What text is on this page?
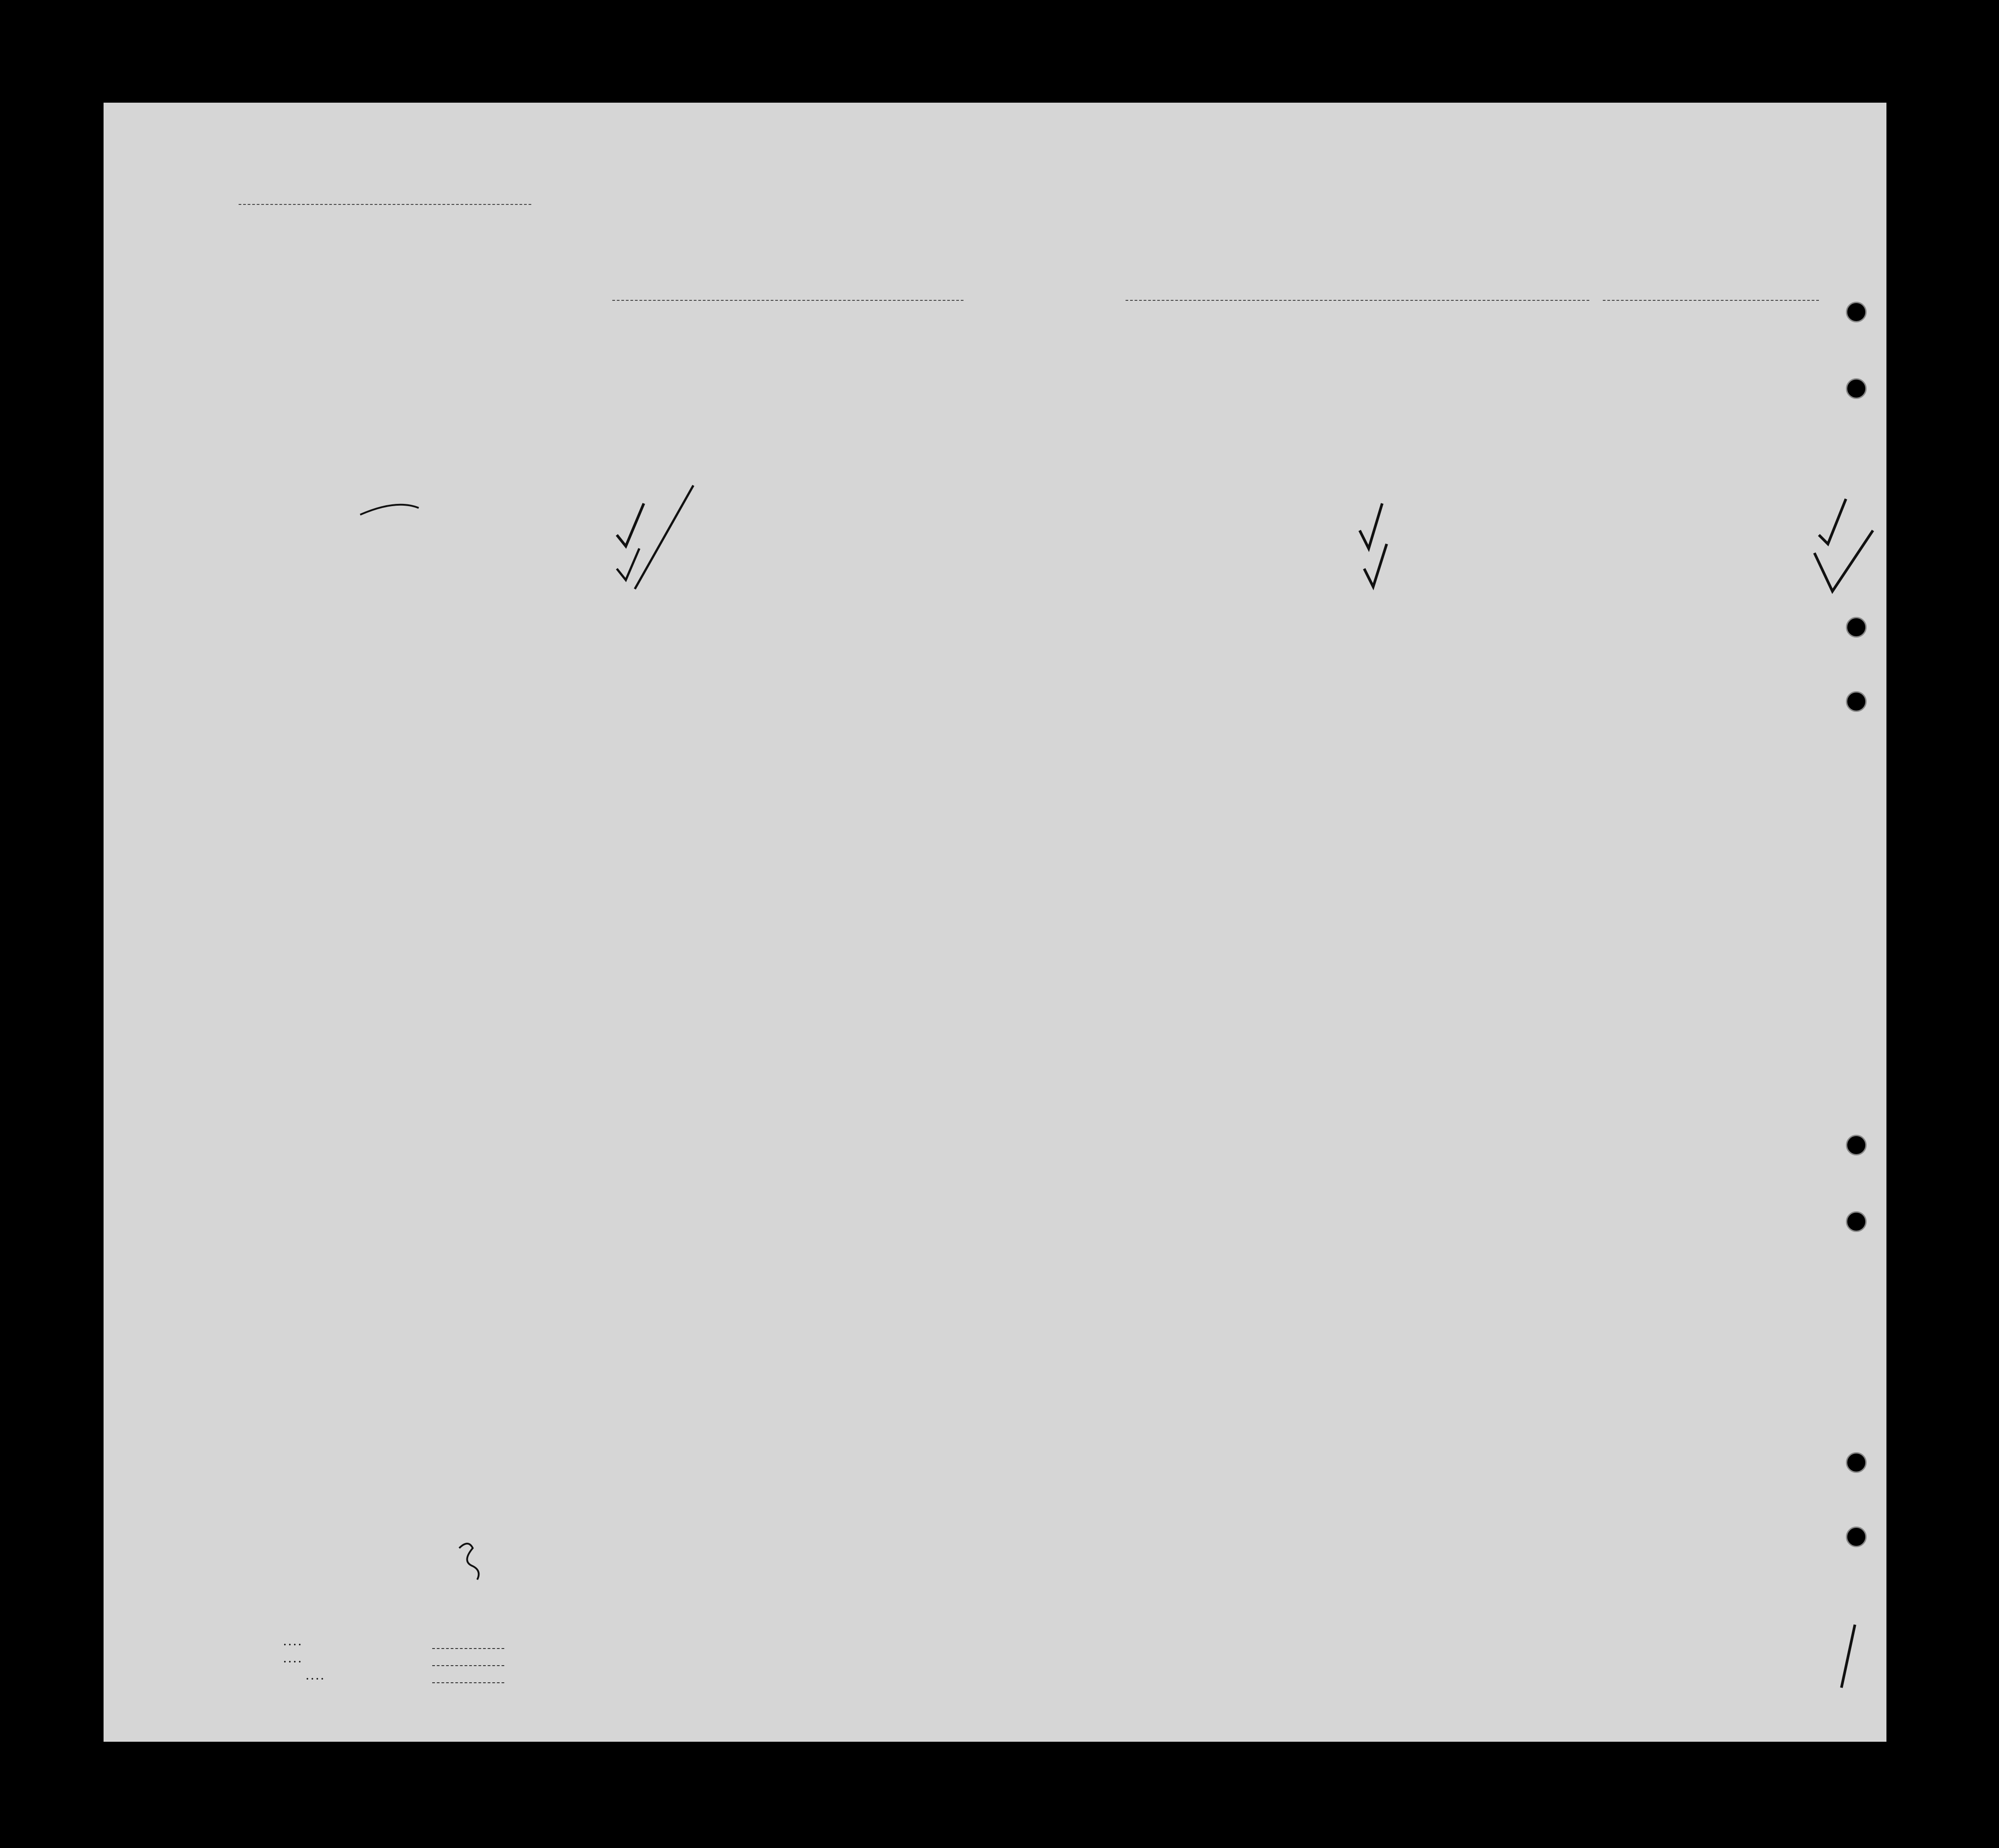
. . . .
. . . .
. . . .
